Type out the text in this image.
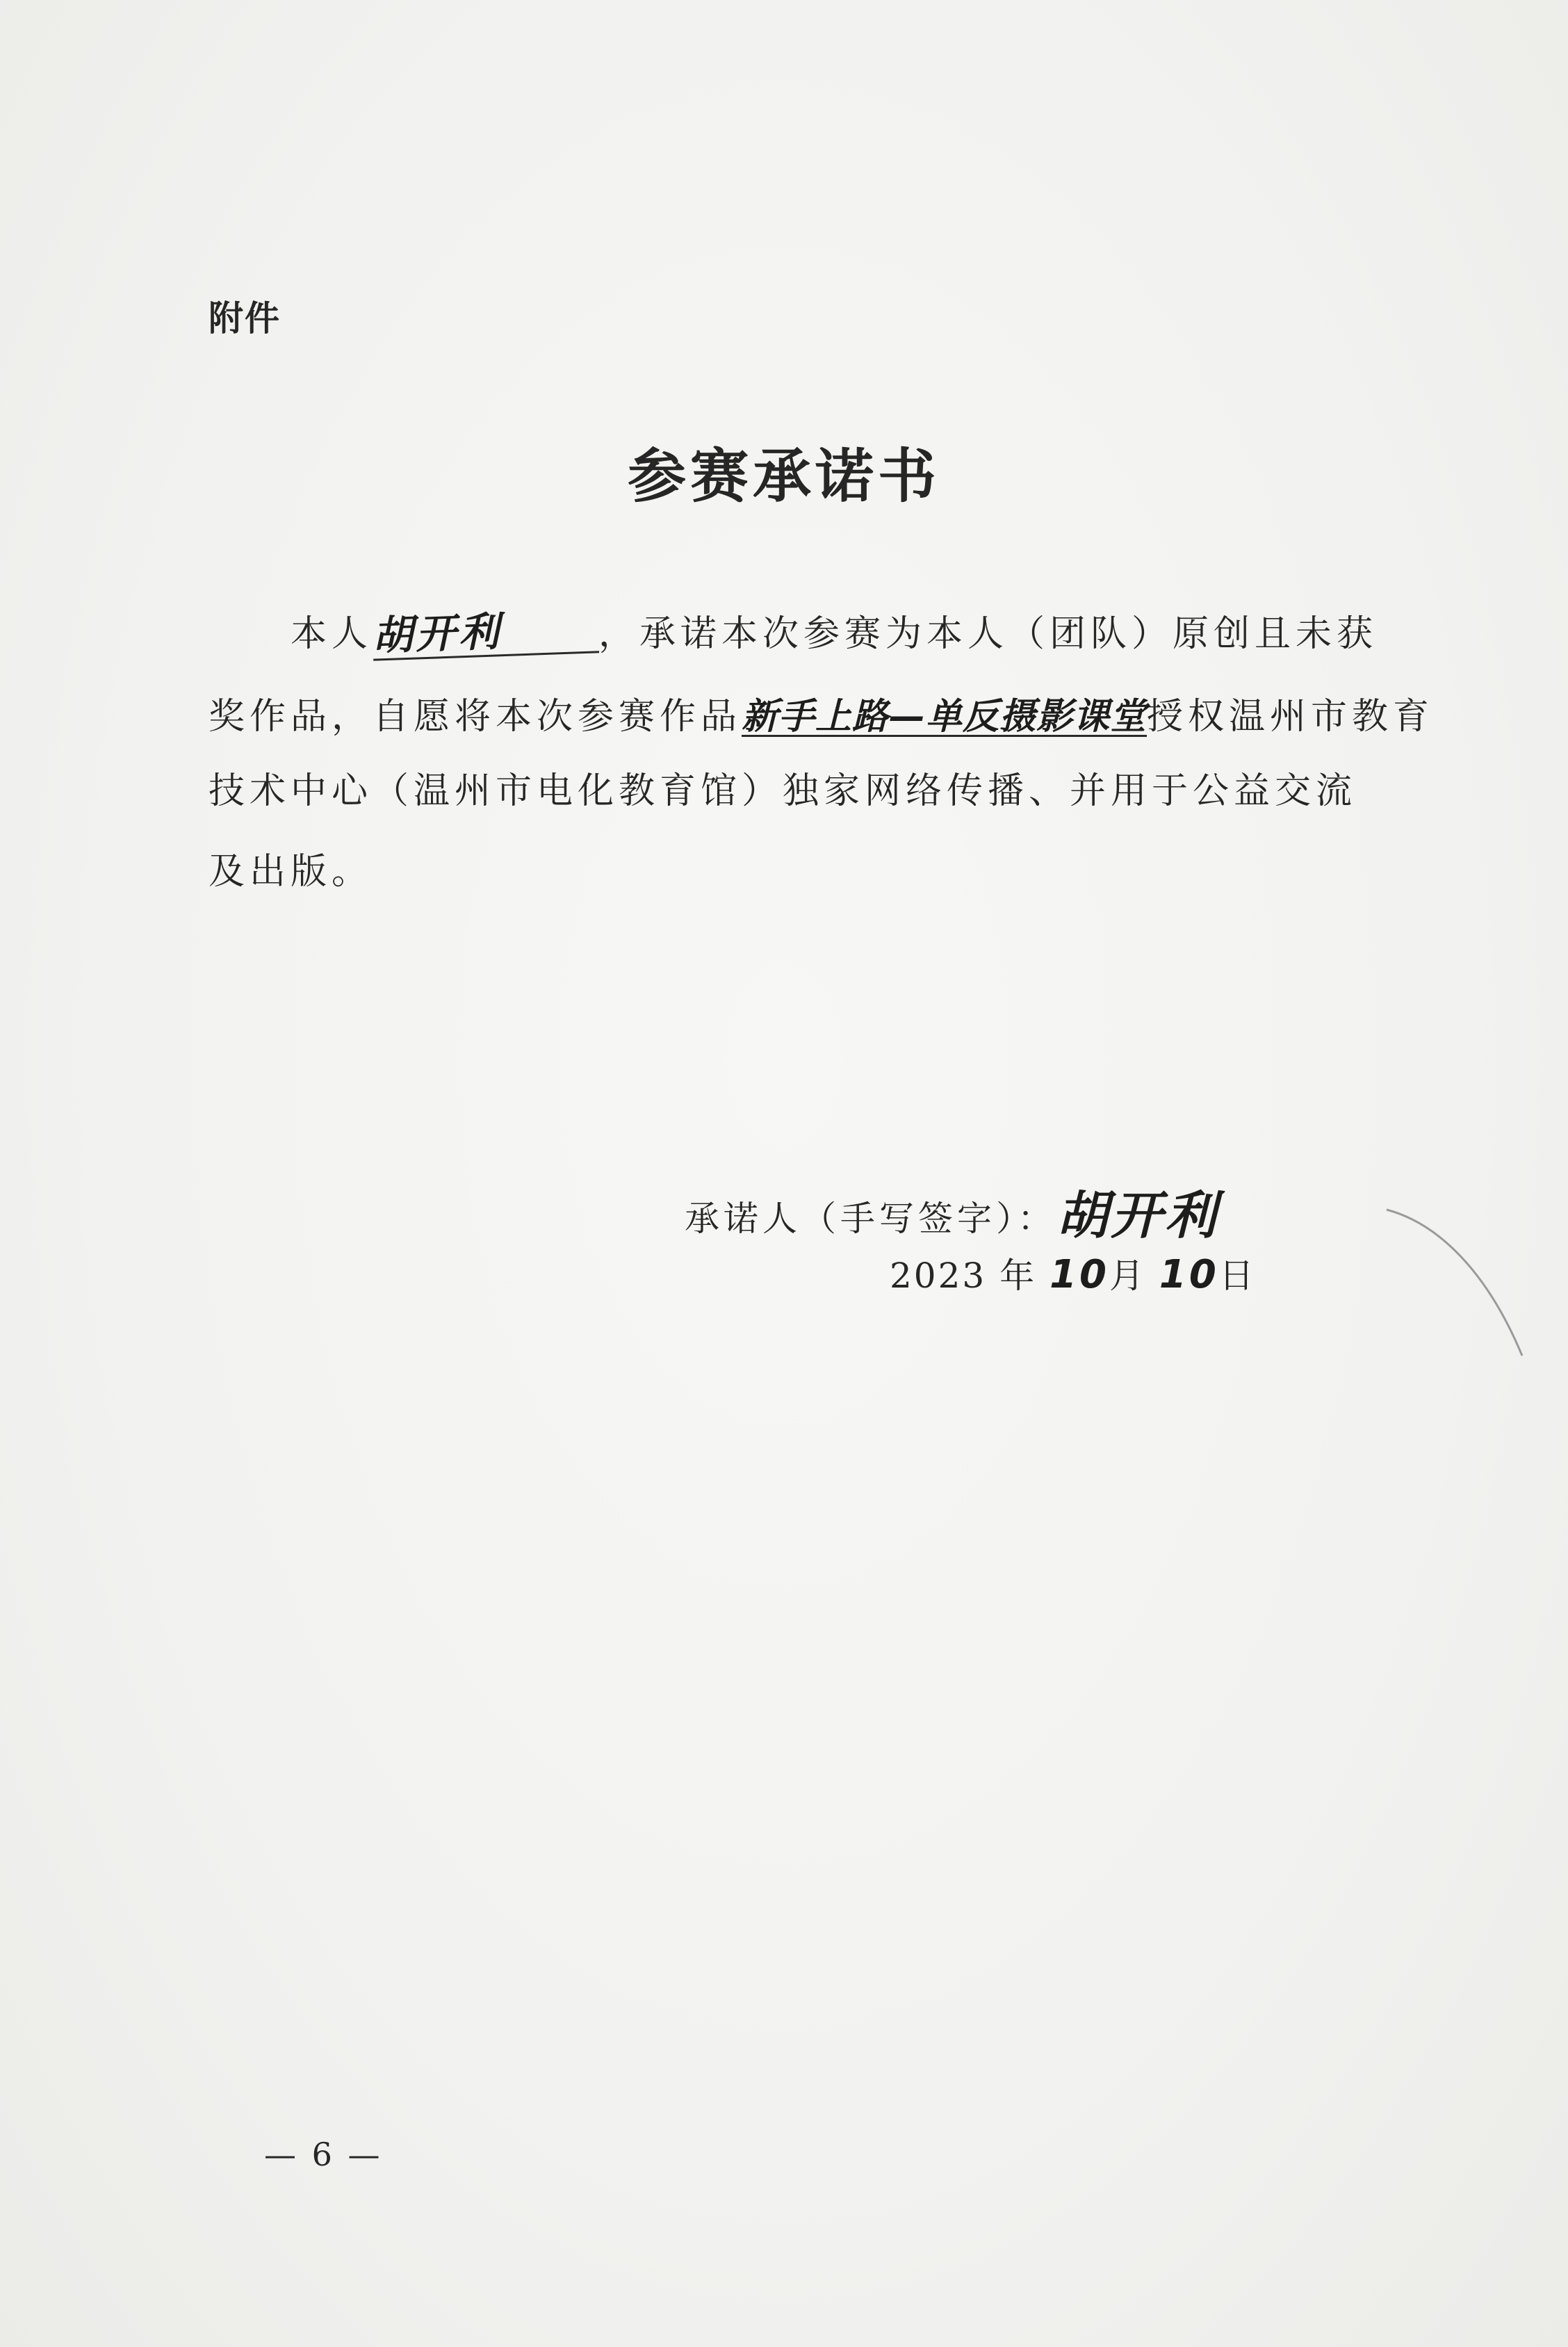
附件
参赛承诺书
本人胡开利	，承诺本次参赛为本人（团队）原创且未获
奖作品，自愿将本次参赛作品新手上路—单反摄影课堂授权温州市教育
技术中心（温州市电化教育馆）独家网络传播、并用于公益交流
及出版。
承诺人（手写签字）：胡开利
2023 年 10月 10日
— 6 —
